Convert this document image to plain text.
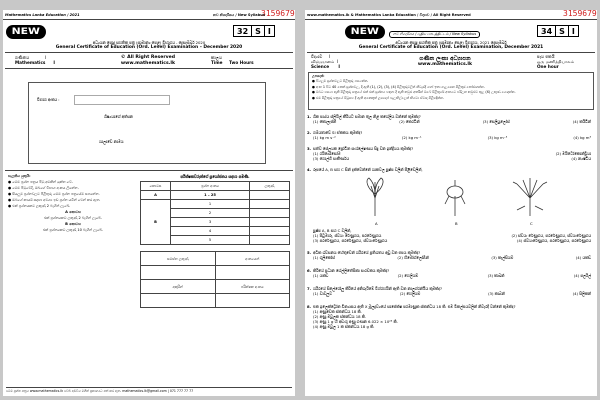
3159679
Mathematics Lanka Education / 2021	නව නිර්දේශය / New Syllabus
NEW	32 S I
අධ්‍යයන පොදු සහතික පත්‍ර (සාමාන්‍ය පෙළ) විභාගය - දෙසැම්බර් 2020
General Certificate of Education (Ord. Level) Examination – December 2020
ගණිතය	I
Mathematics I
© All Right Reserved
www.mathematics.lk
කාලය
Time Two Hours
විභාග අංකය :
ශිෂ්‍යයාගේ අත්සන
ශාලාවේ නාමය

සැලකිය යුතුයි:

● මෙම ප්‍රශ්න පත්‍රය පිටු අටකින් යුක්ත වේ.

● මෙම පිටුවේදී, ඔබගේ විභාග අංකය ලියන්න.

● සියලුම ප්‍රශ්නවලට පිළිතුරු මෙම ප්‍රශ්න පත්‍රයේම සපයන්න.

● ඔබගේ කාර්ය සඳහා අවශ්‍ය ඉඩ ප්‍රශ්න යටින් වෙන් කර ඇත.

● එක් ප්‍රශ්නයකට ලකුණු 2 බැගින් ලැබේ.

A කොටස

එක් ප්‍රශ්නයකට ලකුණු 2 බැගින් ලැබේ.

B කොටස

එක් ප්‍රශ්නයකට ලකුණු 10 බැගින් ලැබේ.

පරීක්ෂකවරුන්ගේ ප්‍රයෝජනය සඳහා පමණි.
කොටස	ප්‍රශ්න අංකය	ලකුණු
A	1 – 25	
B	1	
	2	
	3	
	4	
	5	
සමස්ත ලකුණු	අංකයෙන්

අකුරින්	පරීක්ෂක අංකය

මෙම ප්‍රශ්න පත්‍රය www.mathematics.lk වෙබ් අඩවිය මගින් ප්‍රකාශයට පත් කර ඇත. mathematics.lk@gmail.com | 071 777 77 77
3159679
www.mathematics.lk & Mathematics Lanka Education / විද්‍යාව / All Right Reserved
NEW	නව නිර්දේශය / புதிய பாடத்திட்டம் / New Syllabus	34 S I
අධ්‍යයන පොදු සහතික පත්‍ර (සාමාන්‍ය පෙළ) විභාගය, 2021 දෙසැම්බර්
General Certificate of Education (Ord. Level) Examination, December 2021
විද්‍යාව I
விஞ்ஞானம் I
Science I
ගණිත ලංකා අධ්‍යාපන
www.mathematics.lk
පැය එකයි
ஒரு மணித்தியாலம்
One hour

උපදෙස්:

● සියලුම ප්‍රශ්නවලට පිළිතුරු සපයන්න.

● අංක 1 සිට 40 තෙක් ප්‍රශ්නවල, දී ඇති (1), (2), (3), (4) පිළිතුරුවලින් නිවැරදි හෝ ඉතා ගැලපෙන පිළිතුර තෝරාගන්න.

● ඔබට සපයා ඇති පිළිතුරු පත්‍රයේ එක් එක් ප්‍රශ්නය සඳහා දී ඇති කවුළු අතරින් ඔබේ පිළිතුරේ අංකයට සරිලන කවුළුව තුළ (X) ලකුණ යොදන්න.

● එම පිළිතුරු පත්‍රයේ පිටුපස දී ඇති අනෙකුත් උපදෙස් සැලකිල්ලෙන් කියවා ඒවාද පිළිපදින්න.

1. ශික පාඨ්ය ස්ලියිල් කීරියට සමාන තුල නිළ කශේලිය වන්නේ කුමක්ද?
(1) කොලැජන්	(2) කෙරටින්	(3) සෙලියුලෝස්	(4) කයිටින්
2. ගම්යතාවේ SI ඒකකය කුමක්ද?
(1) kg m s⁻²	(2) kg m⁻¹	(3) kg m⁻³	(4) kg m³
3. සත්ව සේලයක ප්‍රෝටීන සංශ්ලේෂණය සිදු වන ඉන්ද්‍රියය කුමක්ද?
(1) රයිබෝසෝම	(2) මයිටෝකොන්ඩ්‍රියා
(3) ගොල්ගි සංකීර්ණය	(4) න්‍යෂ්ටිය
4. රූපයේ A, B සහ C සින් දැක්වෙන්නේ ශාකවල පුෂ්ප වලින් පිළිවෙලින්,
A	B	C
පුෂ්ප A, B සහ C වලින්,
(1) පිටුමාරු, ස්වයං රේණුගය, පරරේණුගය	(2) ස්වයං රේණුගය, පරරේණුගය, ස්වයංරේණුගය
(3) පරරේණුගය, පරරේණුගය, ස්වයංරේණුගය	(4) ස්වයංරේණුගය, පරරේණුගය, පරරේණුගය
5. අධික ශ්වසනය හේතුවෙන් ශරීරයේ ප්‍රතිශතය අඩු වන එපය කුමක්ද?
(1) ගුලිකෝස්	(2) හීමෝග්ලෝබින්	(3) කැල්සියම්	(4) යකඩ්
6. කිරියේ ප්‍රධාන ශේල්ලීතේසිකා සංරචකය කුමක්ද?
(1) යකඩ්	(2) හෙලියම්	(3) කාබන්	(4) පලරිල්
7. ශරීරයේ සිලේරෝලු කිරියේ අනිශැරීමේ විග්රහයින් ඇති වන නාලග්රන්ථිය කුමක්ද?
(1) වාවලුව	(2) හෙලියම්	(3) කාබන්	(4) සිලිකන්
8. එක ඉලෙක්ට්‍රෝන වින්‍යාසය ඇති X මූලද්‍රව්‍යයේ සාපේක්ෂ පරමාණුක ස්කන්ධය 18 කි. එම විකල්පයවලින් නිවැරදි වන්නේ කුමක්ද?
(1) අණුවෙක ස්කන්ධය 18 කි.
(2) අණු මවුලක ස්කන්ධය 18 කි.
(3) අණු 1 g හි අඩංගු අණු ගණන 6.022 × 10²³ කි.
(4) අණු මවුල 1 ක ස්කන්ධය 18 g කි.
